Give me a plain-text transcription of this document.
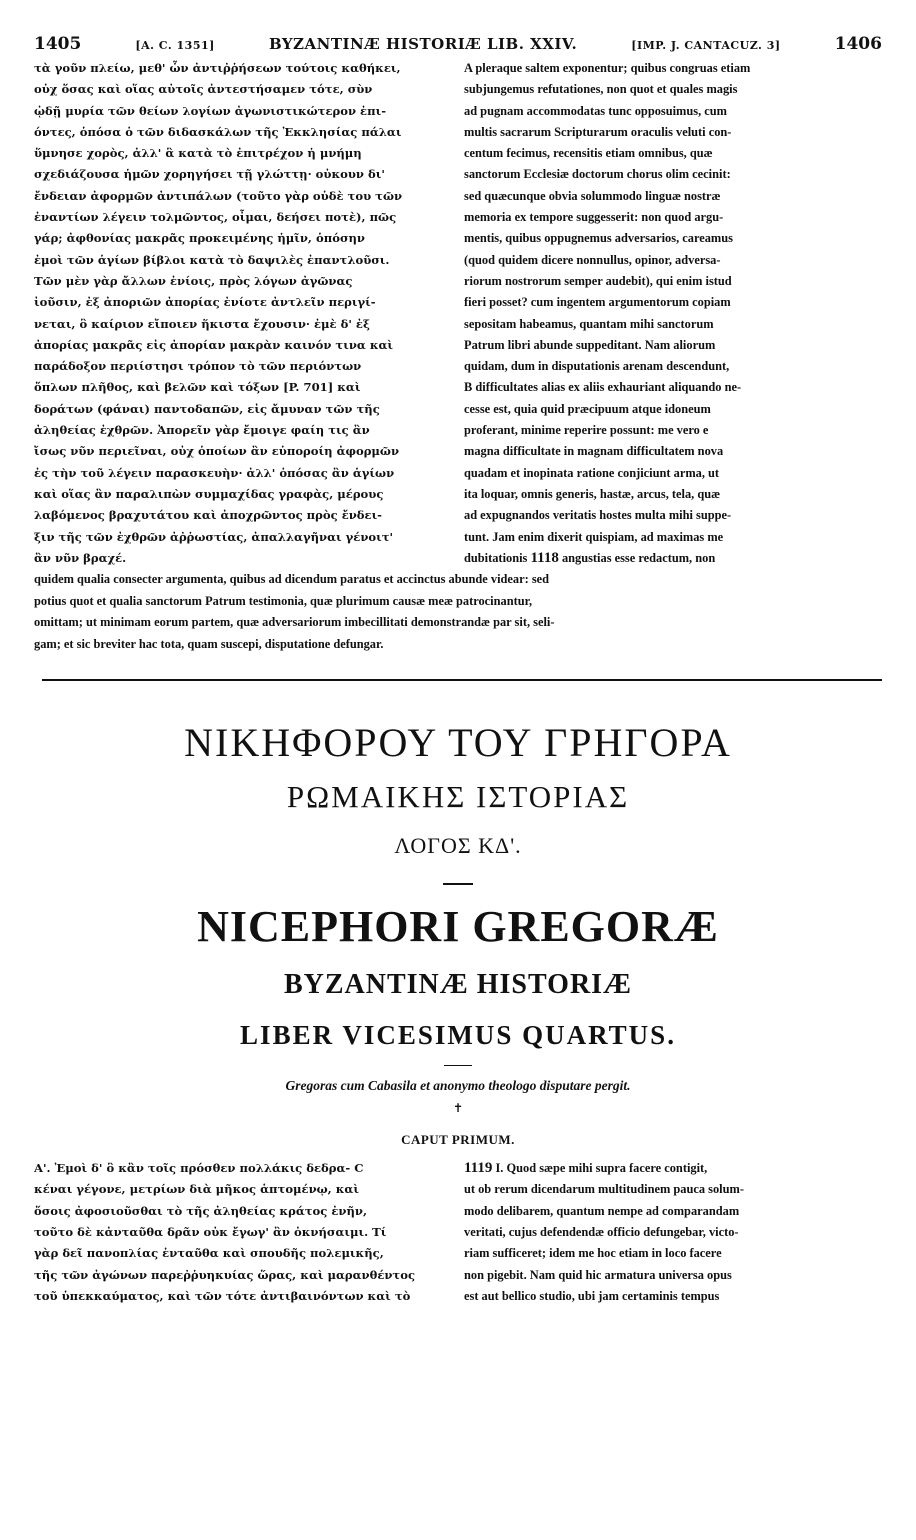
1405	[A. C. 1351]	BYZANTINÆ HISTORIÆ LIB. XXIV.	[IMP. J. CANTACUZ. 3]	1406

τὰ γοῦν πλείω, μεθ' ὧν ἀντιῤῥήσεων τούτοις καθήκει,

οὐχ ὅσας καὶ οἵας αὐτοῖς ἀντεστήσαμεν τότε, σὺν

ᾠδῇ μυρία τῶν θείων λογίων ἀγωνιστικώτερον ἐπι-

όντες, ὁπόσα ὁ τῶν διδασκάλων τῆς Ἐκκλησίας πάλαι

ὕμνησε χορὸς, ἀλλ' ἃ κατὰ τὸ ἐπιτρέχον ἡ μνήμη

σχεδιάζουσα ἡμῶν χορηγήσει τῇ γλώττῃ· οὐκουν δι'

ἔνδειαν ἀφορμῶν ἀντιπάλων (τοῦτο γὰρ οὐδὲ του τῶν

ἐναντίων λέγειν τολμῶντος, οἶμαι, δεήσει ποτὲ), πῶς

γάρ; ἀφθονίας μακρᾶς προκειμένης ἡμῖν, ὁπόσην

ἐμοὶ τῶν ἁγίων βίβλοι κατὰ τὸ δαψιλὲς ἐπαντλοῦσι.

Τῶν μὲν γὰρ ἄλλων ἐνίοις, πρὸς λόγων ἀγῶνας

ἰοῦσιν, ἐξ ἀποριῶν ἀπορίας ἐνίοτε ἀντλεῖν περιγί-

νεται, ὃ καίριον εἴποιεν ἥκιστα ἔχουσιν· ἐμὲ δ' ἐξ

ἀπορίας μακρᾶς εἰς ἀπορίαν μακρὰν καινόν τινα καὶ

παράδοξον περιίστησι τρόπον τὸ τῶν περιόντων

ὅπλων πλῆθος, καὶ βελῶν καὶ τόξων [P. 701] καὶ

δοράτων (φάναι) παντοδαπῶν, εἰς ἄμυναν τῶν τῆς

ἀληθείας ἐχθρῶν. Ἀπορεῖν γὰρ ἔμοιγε φαίη τις ἂν

ἴσως νῦν περιεῖναι, οὐχ ὁποίων ἂν εὐποροίη ἀφορμῶν

ἐς τὴν τοῦ λέγειν παρασκευὴν· ἀλλ' ὁπόσας ἂν ἁγίων

καὶ οἵας ἂν παραλιπὼν συμμαχίδας γραφὰς, μέρους

λαβόμενος βραχυτάτου καὶ ἀποχρῶντος πρὸς ἔνδει-

ξιν τῆς τῶν ἐχθρῶν ἀῤῥωστίας, ἀπαλλαγῆναι γένοιτ'

ἂν νῦν βραχέ.

A pleraque saltem exponentur; quibus congruas etiam

subjungemus refutationes, non quot et quales magis

ad pugnam accommodatas tunc opposuimus, cum

multis sacrarum Scripturarum oraculis veluti con-

centum fecimus, recensitis etiam omnibus, quæ

sanctorum Ecclesiæ doctorum chorus olim cecinit:

sed quæcunque obvia solummodo linguæ nostræ

memoria ex tempore suggesserit: non quod argu-

mentis, quibus oppugnemus adversarios, careamus

(quod quidem dicere nonnullus, opinor, adversa-

riorum nostrorum semper audebit), qui enim istud

fieri posset? cum ingentem argumentorum copiam

sepositam habeamus, quantam mihi sanctorum

Patrum libri abunde suppeditant. Nam aliorum

quidam, dum in disputationis arenam descendunt,

B difficultates alias ex aliis exhauriant aliquando ne-

cesse est, quia quid præcipuum atque idoneum

proferant, minime reperire possunt: me vero e

magna difficultate in magnam difficultatem nova

quadam et inopinata ratione conjiciunt arma, ut

ita loquar, omnis generis, hastæ, arcus, tela, quæ

ad expugnandos veritatis hostes multa mihi suppe-

tunt. Jam enim dixerit quispiam, ad maximas me

dubitationis 1118 angustias esse redactum, non

quidem qualia consecter argumenta, quibus ad dicendum paratus et accinctus abunde videar: sed

potius quot et qualia sanctorum Patrum testimonia, quæ plurimum causæ meæ patrocinantur,

omittam; ut minimam eorum partem, quæ adversariorum imbecillitati demonstrandæ par sit, seli-

gam; et sic breviter hac tota, quam suscepi, disputatione defungar.

ΝΙΚΗΦΟΡΟΥ ΤΟΥ ΓΡΗΓΟΡΑ
ΡΩΜΑΙΚΗΣ ΙΣΤΟΡΙΑΣ
ΛΟΓΟΣ ΚΔ'.
NICEPHORI GREGORÆ
BYZANTINÆ HISTORIÆ
LIBER VICESIMUS QUARTUS.
Gregoras cum Cabasila et anonymo theologo disputare pergit.
✝
CAPUT PRIMUM.

Α'. Ἐμοὶ δ' ὃ κἂν τοῖς πρόσθεν πολλάκις δεδρα- C

κέναι γέγονε, μετρίων διὰ μῆκος ἁπτομένῳ, καὶ

ὅσοις ἀφοσιοῦσθαι τὸ τῆς ἀληθείας κράτος ἐνῆν,

τοῦτο δὲ κἀνταῦθα δρᾶν οὐκ ἔγωγ' ἂν ὀκνήσαιμι. Τί

γὰρ δεῖ πανοπλίας ἐνταῦθα καὶ σπουδῆς πολεμικῆς,

τῆς τῶν ἀγώνων παρεῤῥυηκυίας ὥρας, καὶ μαρανθέντος

τοῦ ὑπεκκαύματος, καὶ τῶν τότε ἀντιβαινόντων καὶ τὸ

1119 I. Quod sæpe mihi supra facere contigit,

ut ob rerum dicendarum multitudinem pauca solum-

modo delibarem, quantum nempe ad comparandam

veritati, cujus defendendæ officio defungebar, victo-

riam sufficeret; idem me hoc etiam in loco facere

non pigebit. Nam quid hic armatura universa opus

est aut bellico studio, ubi jam certaminis tempus
